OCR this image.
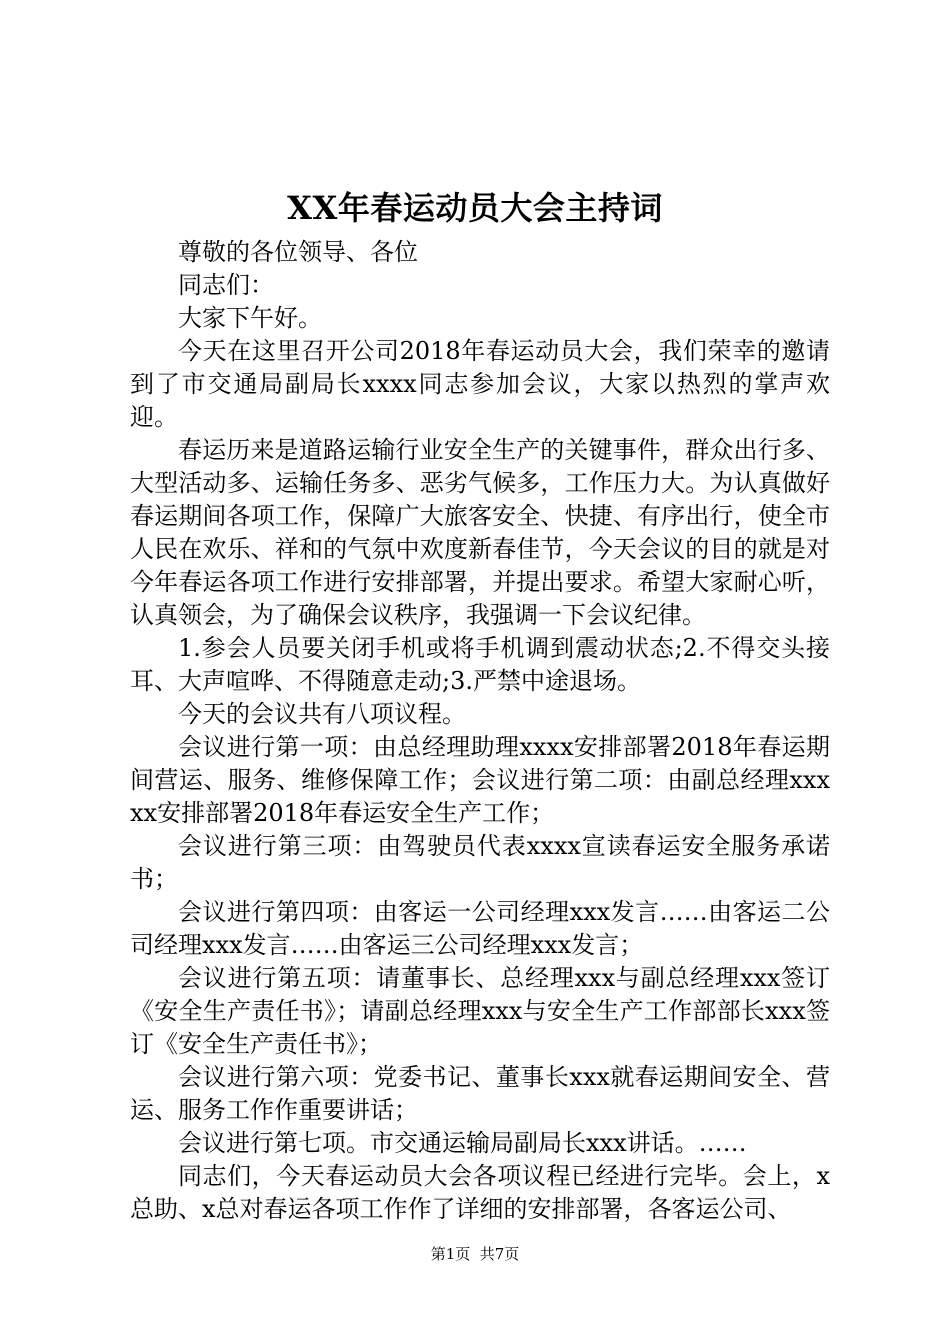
XX年春运动员大会主持词

尊敬的各位领导、各位

同志们：

大家下午好。

今天在这里召开公司2018年春运动员大会，我们荣幸的邀请到了市交通局副局长xxxx同志参加会议，大家以热烈的掌声欢迎。

春运历来是道路运输行业安全生产的关键事件，群众出行多、大型活动多、运输任务多、恶劣气候多，工作压力大。为认真做好春运期间各项工作，保障广大旅客安全、快捷、有序出行，使全市人民在欢乐、祥和的气氛中欢度新春佳节，今天会议的目的就是对今年春运各项工作进行安排部署，并提出要求。希望大家耐心听，认真领会，为了确保会议秩序，我强调一下会议纪律。

1.参会人员要关闭手机或将手机调到震动状态;2.不得交头接耳、大声喧哗、不得随意走动;3.严禁中途退场。

今天的会议共有八项议程。

会议进行第一项：由总经理助理xxxx安排部署2018年春运期间营运、服务、维修保障工作；会议进行第二项：由副总经理xxxxx安排部署2018年春运安全生产工作；

会议进行第三项：由驾驶员代表xxxx宣读春运安全服务承诺书；

会议进行第四项：由客运一公司经理xxx发言……由客运二公司经理xxx发言……由客运三公司经理xxx发言；

会议进行第五项：请董事长、总经理xxx与副总经理xxx签订《安全生产责任书》；请副总经理xxx与安全生产工作部部长xxx签订《安全生产责任书》；

会议进行第六项：党委书记、董事长xxx就春运期间安全、营运、服务工作作重要讲话；

会议进行第七项。市交通运输局副局长xxx讲话。……

同志们，今天春运动员大会各项议程已经进行完毕。会上，x总助、x总对春运各项工作作了详细的安排部署，各客运公司、

第1页  共7页
